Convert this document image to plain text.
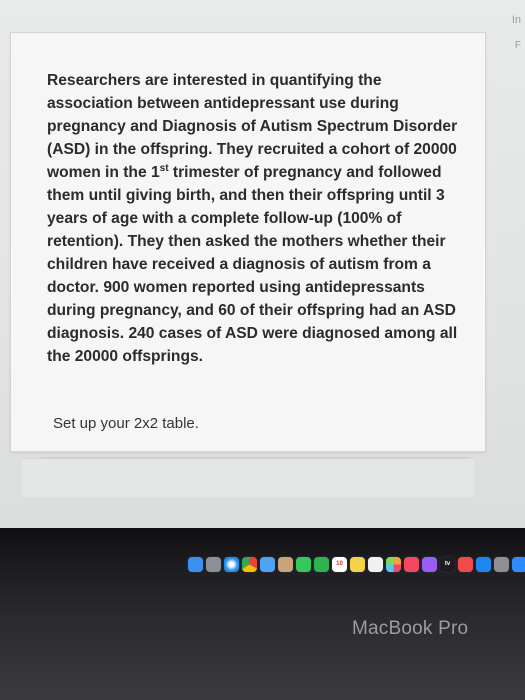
Researchers are interested in quantifying the association between antidepressant use during pregnancy and Diagnosis of Autism Spectrum Disorder (ASD) in the offspring. They recruited a cohort of 20000 women in the 1st trimester of pregnancy and followed them until giving birth, and then their offspring until 3 years of age with a complete follow-up (100% of retention). They then asked the mothers whether their children have received a diagnosis of autism from a doctor. 900 women reported using antidepressants during pregnancy, and 60 of their offspring had an ASD diagnosis. 240 cases of ASD were diagnosed among all the 20000 offsprings.
Set up your 2x2 table.
In
F
10	tv
MacBook Pro
